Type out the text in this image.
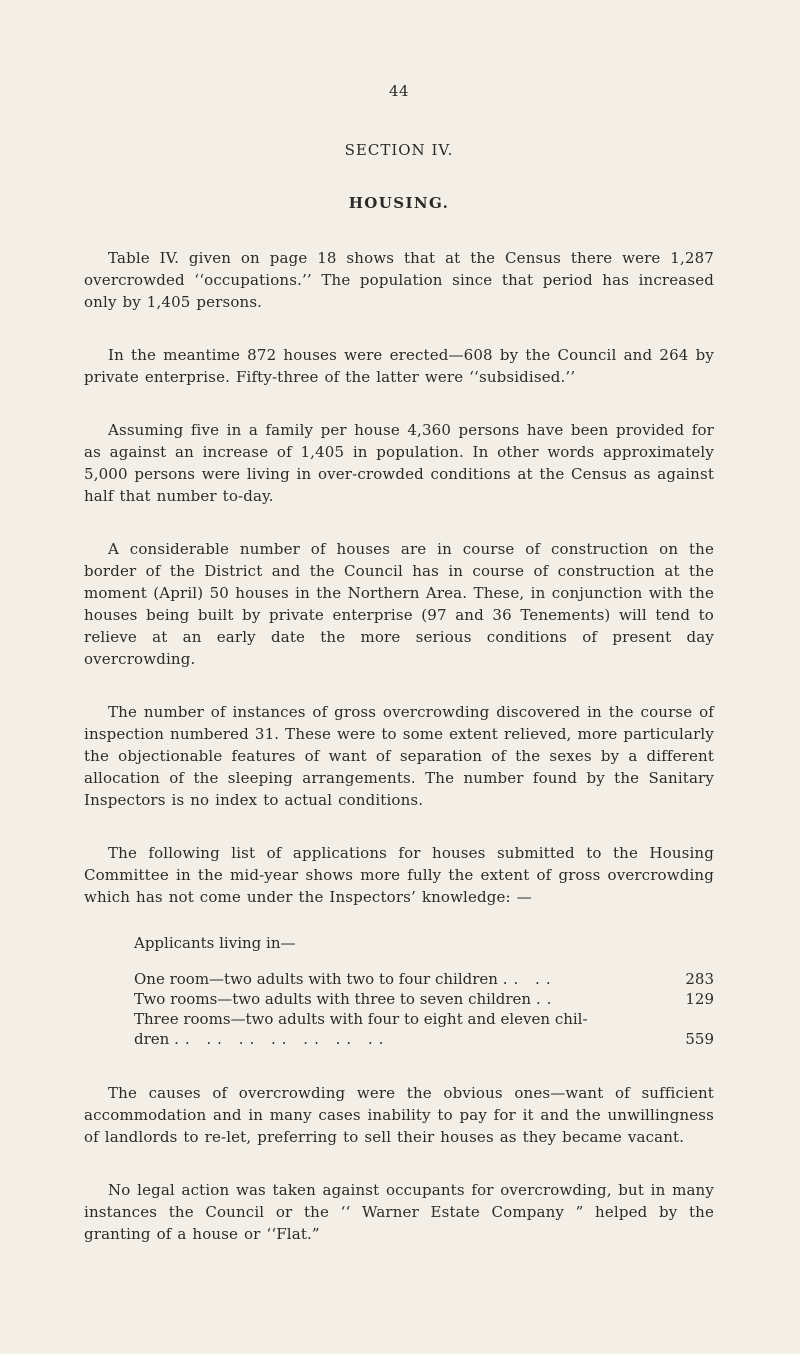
44
SECTION IV.
HOUSING.

Table IV. given on page 18 shows that at the Census there were 1,287 overcrowded ‘‘occupations.’’ The population since that period has increased only by 1,405 persons.

In the meantime 872 houses were erected—608 by the Council and 264 by private enterprise. Fifty-three of the latter were ‘‘subsidised.’’

Assuming five in a family per house 4,360 persons have been provided for as against an increase of 1,405 in population. In other words approximately 5,000 persons were living in over-crowded conditions at the Census as against half that number to-day.

A considerable number of houses are in course of construction on the border of the District and the Council has in course of construction at the moment (April) 50 houses in the Northern Area. These, in conjunction with the houses being built by private enterprise (97 and 36 Tenements) will tend to relieve at an early date the more serious conditions of present day overcrowding.

The number of instances of gross overcrowding discovered in the course of inspection numbered 31. These were to some extent relieved, more particularly the objectionable features of want of separation of the sexes by a different allocation of the sleeping arrangements. The number found by the Sanitary Inspectors is no index to actual conditions.

The following list of applications for houses submitted to the Housing Committee in the mid-year shows more fully the extent of gross overcrowding which has not come under the Inspectors’ knowledge: —

Applicants living in—
One room—two adults with two to four children .. ..	283
Two rooms—two adults with three to seven children ..	129
Three rooms—two adults with four to eight and eleven chil-	
dren .. .. .. .. .. .. ..	559

The causes of overcrowding were the obvious ones—want of sufficient accommodation and in many cases inability to pay for it and the unwillingness of landlords to re-let, preferring to sell their houses as they became vacant.

No legal action was taken against occupants for overcrowding, but in many instances the Council or the ‘‘ Warner Estate Company ” helped by the granting of a house or ‘‘Flat.”
